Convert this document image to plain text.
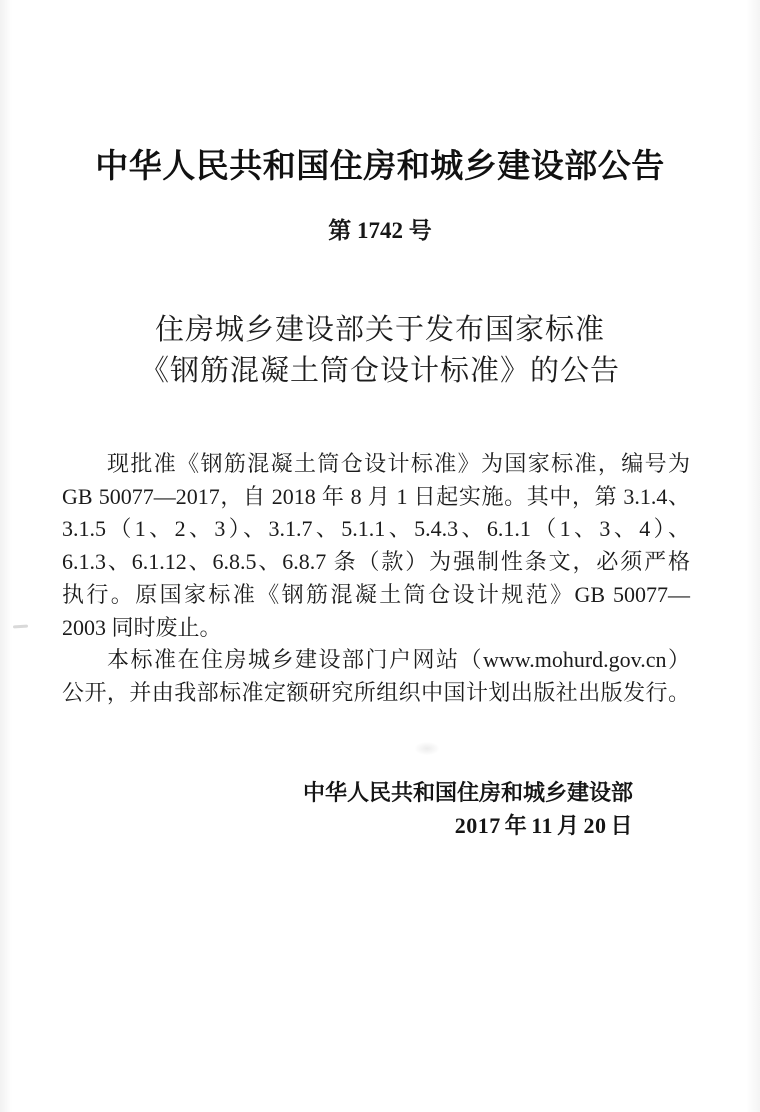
中华人民共和国住房和城乡建设部公告
第 1742 号
住房城乡建设部关于发布国家标准
《钢筋混凝土筒仓设计标准》的公告
现批准《钢筋混凝土筒仓设计标准》为国家标准，编号为
GB 50077—2017，自 2018 年 8 月 1 日起实施。其中，第 3.1.4、
3.1.5（1、2、3）、3.1.7、5.1.1、5.4.3、6.1.1（1、3、4）、
6.1.3、6.1.12、6.8.5、6.8.7 条（款）为强制性条文，必须严格
执行。原国家标准《钢筋混凝土筒仓设计规范》GB 50077—
2003 同时废止。
本标准在住房城乡建设部门户网站（www.mohurd.gov.cn）
公开，并由我部标准定额研究所组织中国计划出版社出版发行。
中华人民共和国住房和城乡建设部
2017 年 11 月 20 日
